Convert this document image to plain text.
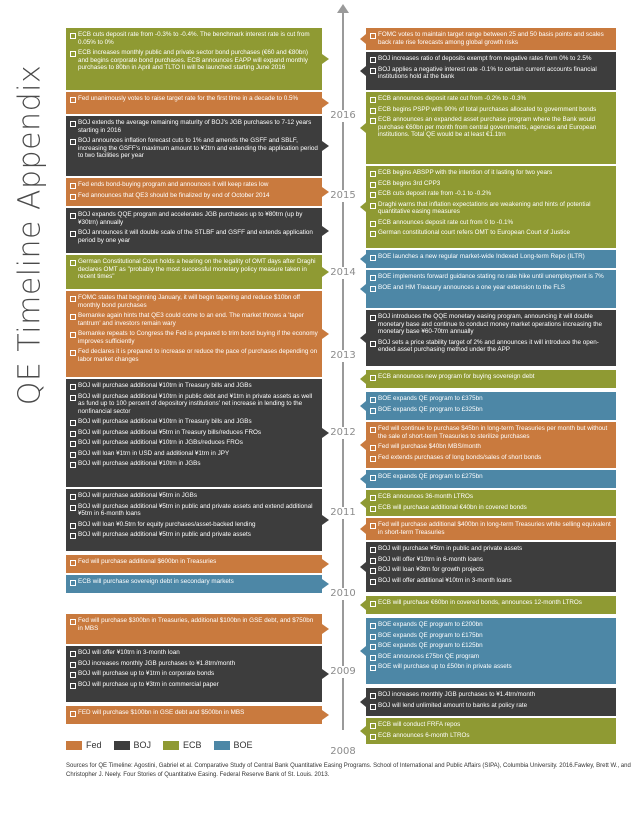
QE Timeline Appendix	2016
2015
2014
2013
2012
2011
2010
2009
2008
ECB cuts deposit rate from -0.3% to -0.4%. The benchmark interest rate is cut from 0.05% to 0%
ECB increases monthly public and private sector bond purchases (€60 and €80bn) and begins corporate bond purchases. ECB announces EAPP will expand monthly purchases to 80bn in April and TLTO II will be launched starting June 2016
Fed unanimously votes to raise target rate for the first time in a decade to 0.5%
BOJ extends the average remaining maturity of BOJ's JGB purchases to 7-12 years starting in 2016
BOJ announces inflation forecast cuts to 1% and amends the GSFF and SBLF, increasing the GSFF's maximum amount to ¥2trn and extending the application period to two facilities per year
Fed ends bond-buying program and announces it will keep rates low
Fed announces that QE3 should be finalized by end of October 2014
BOJ expands QQE program and accelerates JGB purchases up to ¥80trn (up by ¥30trn) annually
BOJ announces it will double scale of the STLBF and GSFF and extends application period by one year
German Constitutional Court holds a hearing on the legality of OMT days after Draghi declares OMT as "probably the most successful monetary policy measure taken in recent times"
FOMC states that beginning January, it will begin tapering and reduce $10bn off monthly bond purchases
Bernanke again hints that QE3 could come to an end. The market throws a 'taper tantrum' and investors remain wary
Bernanke repeats to Congress the Fed is prepared to trim bond buying if the economy improves sufficiently
Fed declares it is prepared to increase or reduce the pace of purchases depending on labor market changes
BOJ will purchase additional ¥10trn in Treasury bills and JGBs
BOJ will purchase additional ¥10trn in public debt and ¥1trn in private assets as well as fund up to 100 percent of depository institutions' net increase in lending to the nonfinancial sector
BOJ will purchase additional ¥10trn in Treasury bills and JGBs
BOJ will purchase additional ¥5trn in Treasury bills/reduces FROs
BOJ will purchase additional ¥10trn in JGBs/reduces FROs
BOJ will loan ¥1trn in USD and additional ¥1trn in JPY
BOJ will purchase additional ¥10trn in JGBs
BOJ will purchase additional ¥5trn in JGBs
BOJ will purchase additional ¥5trn in public and private assets and extend additional ¥5trn in 6-month loans
BOJ will loan ¥0.5trn for equity purchases/asset-backed lending
BOJ will purchase additional ¥5trn in public and private assets
Fed will purchase additional $600bn in Treasuries
ECB will purchase sovereign debt in secondary markets
Fed will purchase $300bn in Treasuries, additional $100bn in GSE debt, and $750bn in MBS
BOJ will offer ¥10trn in 3-month loan
BOJ increases monthly JGB purchases to ¥1.8trn/month
BOJ will purchase up to ¥1trn in corporate bonds
BOJ will purchase up to ¥3trn in commercial paper
FED will purchase $100bn in GSE debt and $500bn in MBS
FOMC votes to maintain target range between 25 and 50 basis points and scales back rate rise forecasts among global growth risks
BOJ increases ratio of deposits exempt from negative rates from 0% to 2.5%
BOJ applies a negative interest rate -0.1% to certain current accounts financial institutions hold at the bank
ECB announces deposit rate cut from -0.2% to -0.3%
ECB begins PSPP with 90% of total purchases allocated to government bonds
ECB announces an expanded asset purchase program where the Bank would purchase €60bn per month from central governments, agencies and European institutions. Total QE would be at least €1.1trn
ECB begins ABSPP with the intention of it lasting for two years
ECB begins 3rd CPP3
ECB cuts deposit rate from -0.1 to -0.2%
Draghi warns that inflation expectations are weakening and hints of potential quantitative easing measures
ECB announces deposit rate cut from 0 to -0.1%
German constitutional court refers OMT to European Court of Justice
BOE launches a new regular market-wide Indexed Long-term Repo (ILTR)
BOE implements forward guidance stating no rate hike until unemployment is 7%
BOE and HM Treasury announces a one year extension to the FLS
BOJ introduces the QQE monetary easing program, announcing it will double monetary base and continue to conduct money market operations increasing the monetary base ¥60-70trn annually
BOJ sets a price stability target of 2% and announces it will introduce the open-ended asset purchasing method under the APP
ECB announces new program for buying sovereign debt
BOE expands QE program to £375bn
BOE expands QE program to £325bn
Fed will continue to purchase $45bn in long-term Treasuries per month but without the sale of short-term Treasuries to sterilize purchases
Fed will purchase $40bn MBS/month
Fed extends purchases of long bonds/sales of short bonds
BOE expands QE program to £275bn
ECB announces 36-month LTROs
ECB will purchase additional €40bn in covered bonds
Fed will purchase additional $400bn in long-term Treasuries while selling equivalent in short-term Treasuries
BOJ will purchase ¥5trn in public and private assets
BOJ will offer ¥10trn in 6-month loans
BOJ will loan ¥3trn for growth projects
BOJ will offer additional ¥10trn in 3-month loans
ECB will purchase €60bn in covered bonds, announces 12-month LTROs
BOE expands QE program to £200bn
BOE expands QE program to £175bn
BOE expands QE program to £125bn
BOE announces £75bn QE program
BOE will purchase up to £50bn in private assets
BOJ increases monthly JGB purchases to ¥1.4trn/month
BOJ will lend unlimited amount to banks at policy rate
ECB will conduct FRFA repos
ECB announces 6-month LTROs
Fed	BOJ	ECB	BOE
Sources for QE Timeline: Agostini, Gabriel et al. Comparative Study of Central Bank Quantitative Easing Programs. School of International and Public Affairs (SIPA), Columbia University. 2016.Fawley, Brett W., and Christopher J. Neely. Four Stories of Quantitative Easing. Federal Reserve Bank of St. Louis. 2013.
